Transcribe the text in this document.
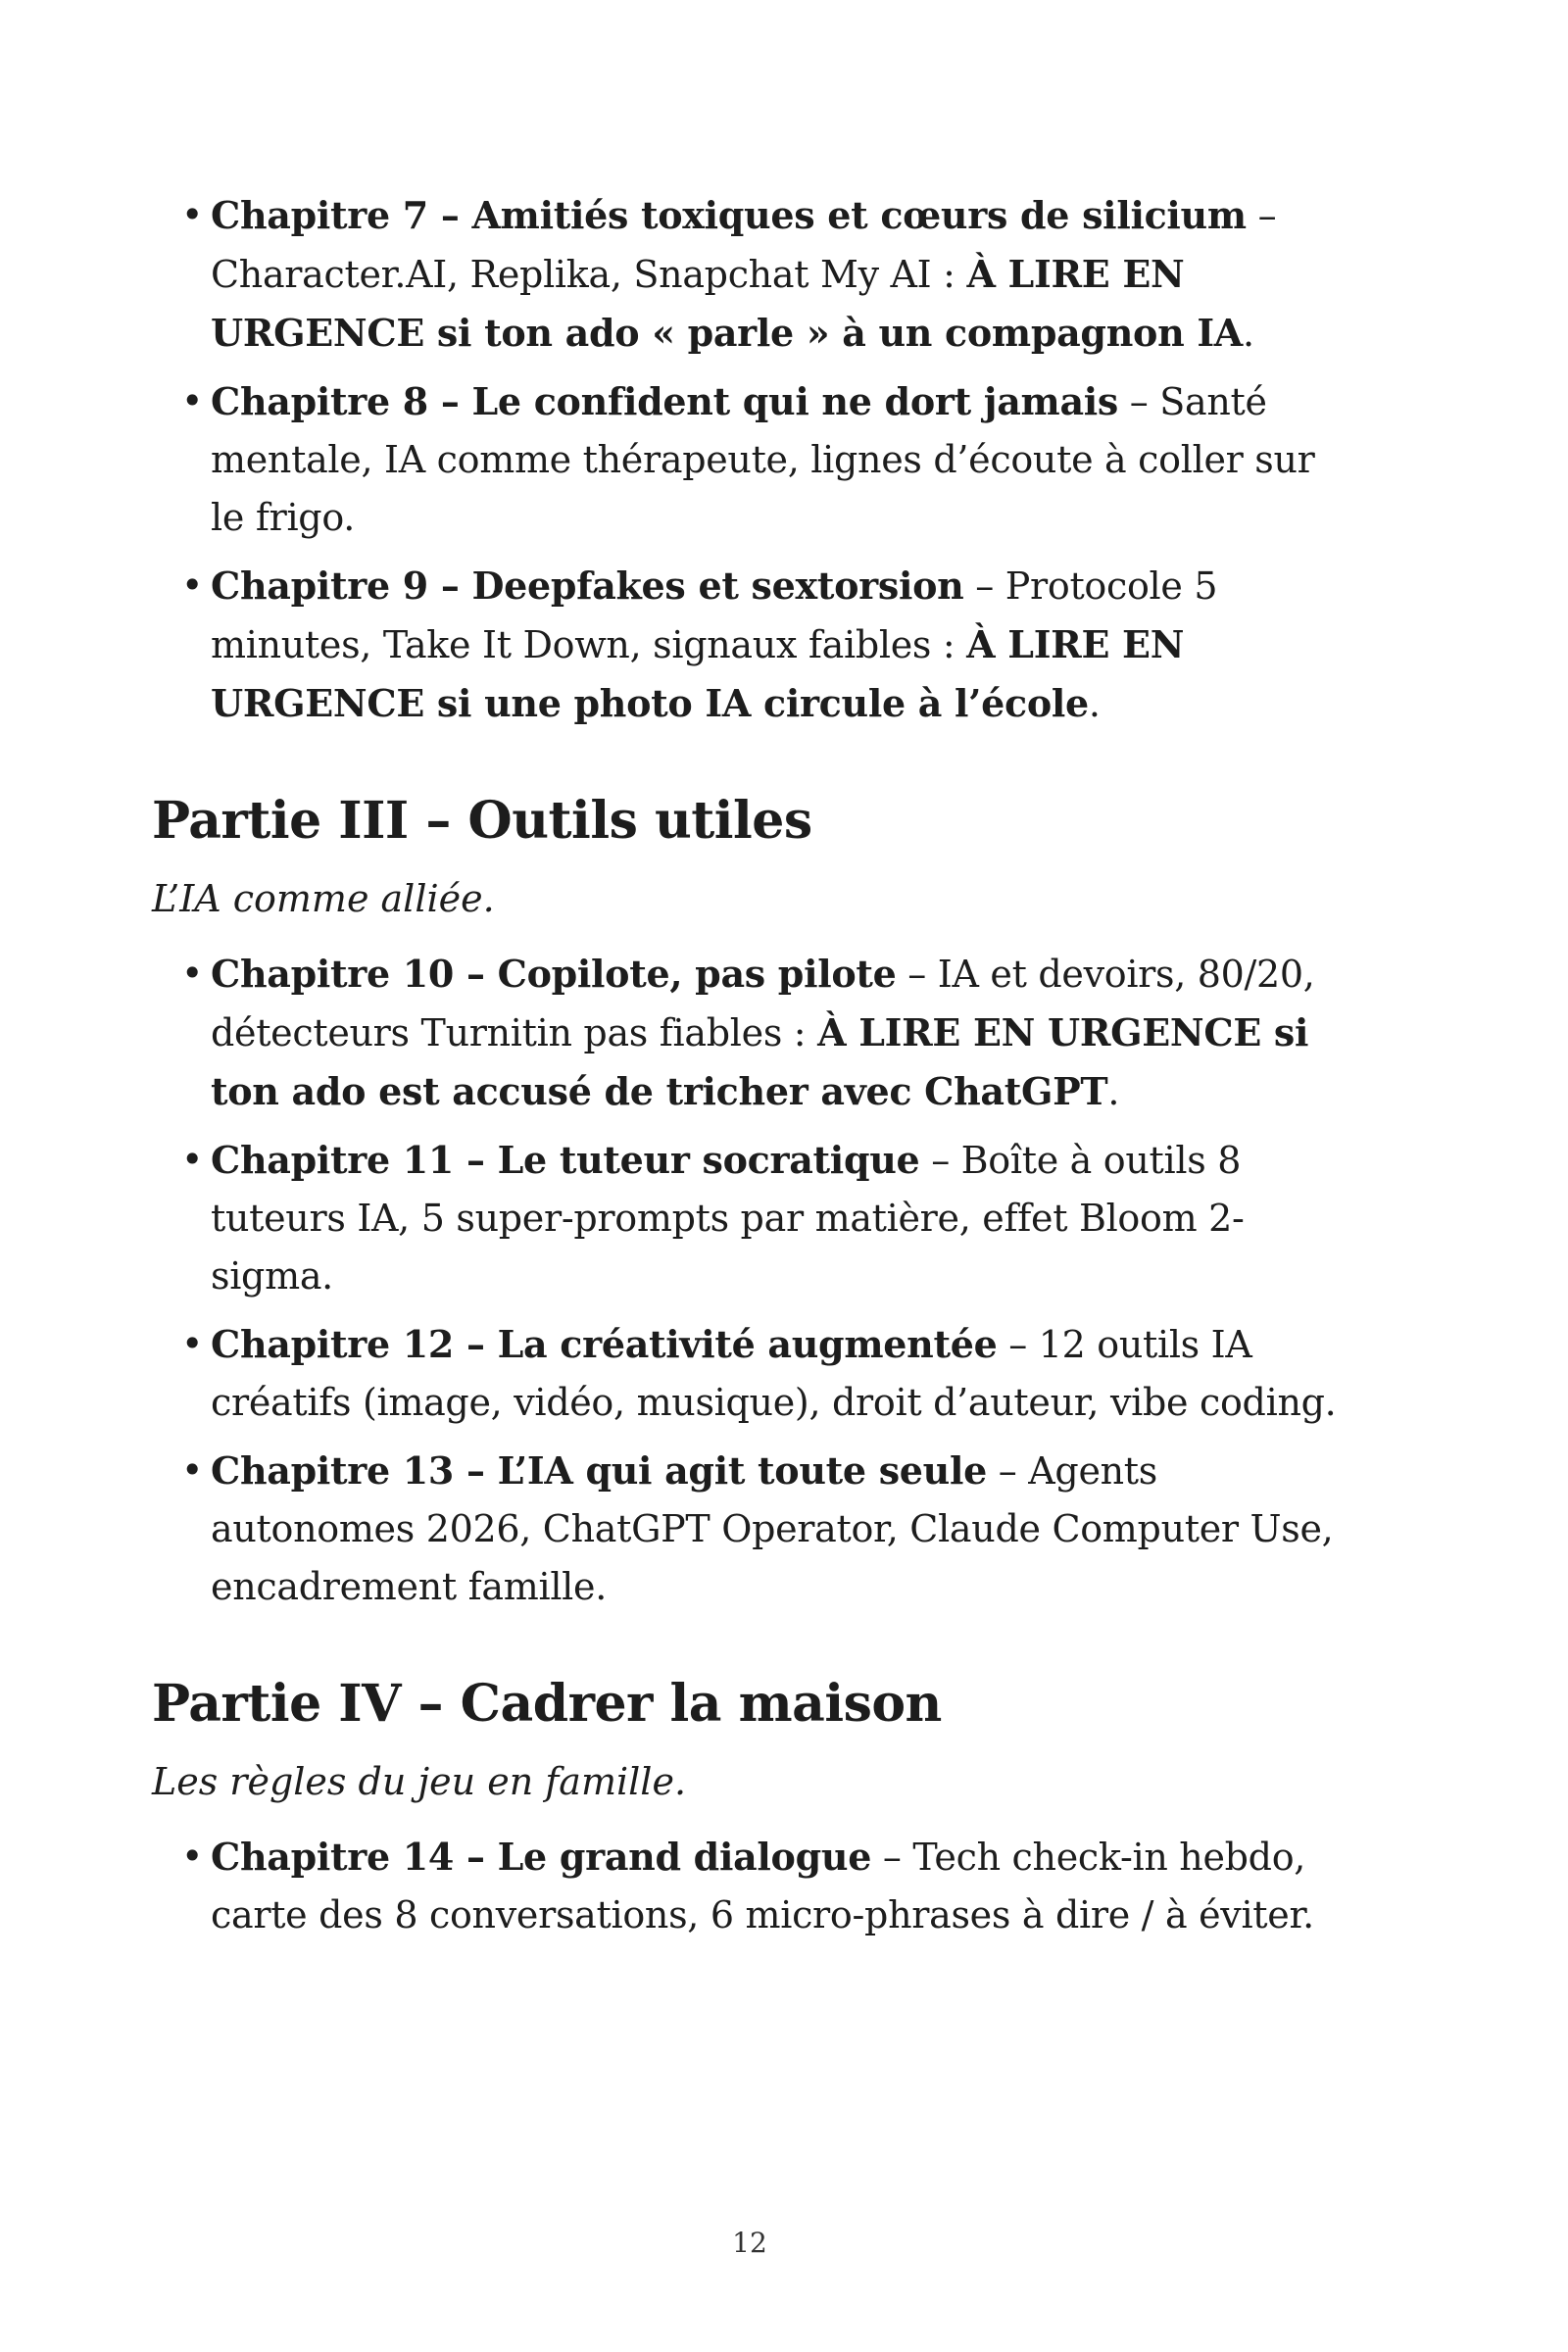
• Chapitre 7 – Amitiés toxiques et cœurs de silicium – Character.AI, Replika, Snapchat My AI : À LIRE EN URGENCE si ton ado « parle » à un compagnon IA.
• Chapitre 8 – Le confident qui ne dort jamais – Santé mentale, IA comme thérapeute, lignes d’écoute à coller sur le frigo.
• Chapitre 9 – Deepfakes et sextorsion – Protocole 5 minutes, Take It Down, signaux faibles : À LIRE EN URGENCE si une photo IA circule à l’école.
Partie III – Outils utiles

L’IA comme alliée.

• Chapitre 10 – Copilote, pas pilote – IA et devoirs, 80/20, détecteurs Turnitin pas fiables : À LIRE EN URGENCE si ton ado est accusé de tricher avec ChatGPT.
• Chapitre 11 – Le tuteur socratique – Boîte à outils 8 tuteurs IA, 5 super-prompts par matière, effet Bloom 2-sigma.
• Chapitre 12 – La créativité augmentée – 12 outils IA créatifs (image, vidéo, musique), droit d’auteur, vibe coding.
• Chapitre 13 – L’IA qui agit toute seule – Agents autonomes 2026, ChatGPT Operator, Claude Computer Use, encadrement famille.
Partie IV – Cadrer la maison

Les règles du jeu en famille.

• Chapitre 14 – Le grand dialogue – Tech check-in hebdo, carte des 8 conversations, 6 micro-phrases à dire / à éviter.
12
